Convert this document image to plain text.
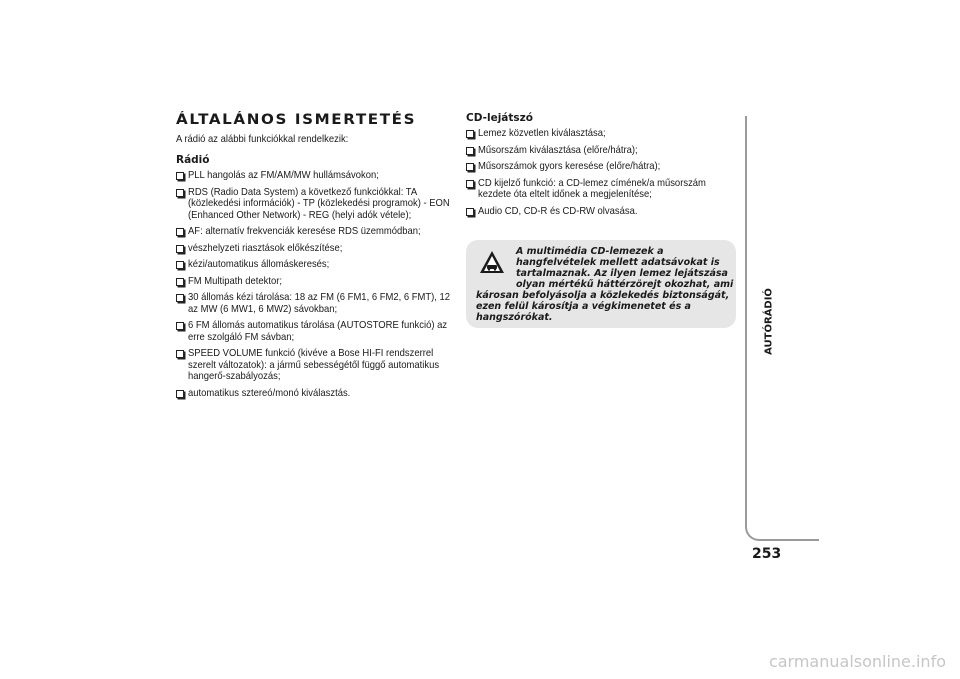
ÁLTALÁNOS ISMERTETÉS

A rádió az alábbi funkciókkal rendelkezik:

Rádió

PLL hangolás az FM/AM/MW hullámsávokon;
RDS (Radio Data System) a következő funkciókkal: TA (közlekedési információk) - TP (közlekedési programok) - EON (Enhanced Other Network) - REG (helyi adók vétele);
AF: alternatív frekvenciák keresése RDS üzemmódban;
vészhelyzeti riasztások előkészítése;
kézi/automatikus állomáskeresés;
FM Multipath detektor;
30 állomás kézi tárolása: 18 az FM (6 FM1, 6 FM2, 6 FMT), 12 az MW (6 MW1, 6 MW2) sávokban;
6 FM állomás automatikus tárolása (AUTOSTORE funkció) az erre szolgáló FM sávban;
SPEED VOLUME funkció (kivéve a Bose HI-FI rendszerrel szerelt változatok): a jármű sebességétől függő automatikus hangerő-szabályozás;
automatikus sztereó/monó kiválasztás.

CD-lejátszó

Lemez közvetlen kiválasztása;
Műsorszám kiválasztása (előre/hátra);
Műsorszámok gyors keresése (előre/hátra);
CD kijelző funkció: a CD-lemez címének/a műsorszám kezdete óta eltelt időnek a megjelenítése;
Audio CD, CD-R és CD-RW olvasása.

A multimédia CD-lemezek a hangfelvételek mellett adatsávokat is tartalmaznak. Az ilyen lemez lejátszása olyan mértékű háttérzörejt okozhat, ami károsan befolyásolja a közlekedés biztonságát, ezen felül károsítja a végkimenetet és a hangszórókat.	AUTÓRÁDIÓ
253
carmanualsonline.info
